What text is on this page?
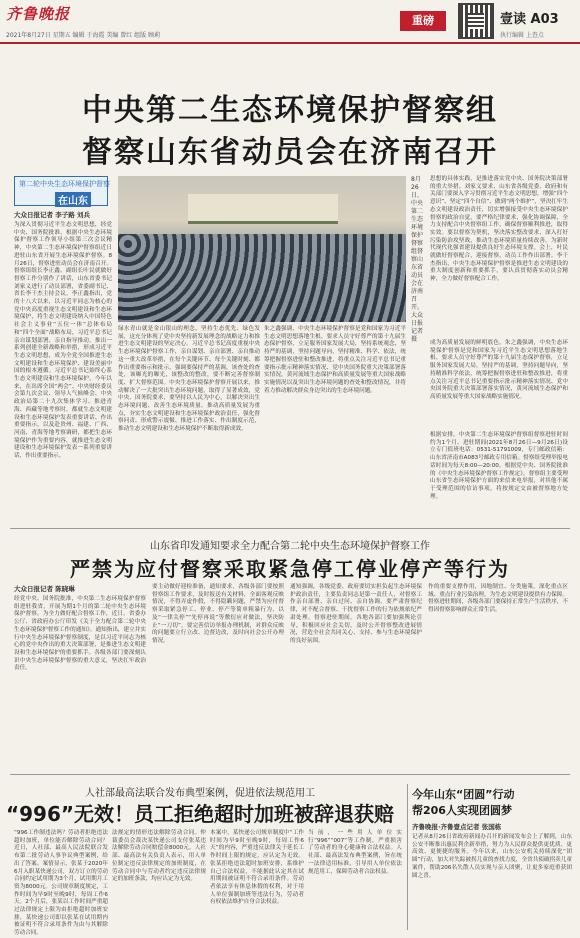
齐鲁晚报
2021年8月27日 星期五 编辑 于海霞 美编 曾红 组版 顾莉
重磅	壹读 A03
执行编辑 上查点
中央第二生态环境保护督察组
督察山东省动员会在济南召开
第二轮中央生态环境保护督察
在山东
大众日报记者 李子路 刘兵
8月26日，中央第二生态环境保护督察组督察山东省动员会在济南召开。大众日报记者 摄
为深入贯彻习近平生态文明思想，经党中央、国务院批准，根据中央生态环境保护督察工作领导小组第三次会议精神，中央第二生态环境保护督察组近日进驻山东省开展生态环境保护督察。8月26日，督察进驻动员会在济南召开。督察组组长李正鑫、副组长叶民就做好督察工作分别作了讲话，山东省委书记刘家义进行了动员部署，省委副书记、省长李干杰主持会议。李正鑫指出，党的十八大以来，以习近平同志为核心的党中央高度重视生态文明建设和生态环境保护，将生态文明建设纳入中国特色社会主义事业“五位一体”总体布局和“四个全面”战略布局，习近平总书记亲自谋划部署、亲自指导推动，推出一系列创建全新战略和举措，形成习近平生态文明思想，成为全党全国推进生态文明建设和生态环境保护、建设美丽中国的根本遵循。习近平总书记始终心系生态文明建设和生态环境保护，今年以来，在出席全国“两会”、中央财经委员会第九次会议、领导人气候峰会、中央政治局第二十九次集体学习、推进青海、西藏等地考察时，都就生态文明建设和生态环境保护发表重要讲话、作出重要指示，以及赴贵州、福建、广西、河南、青海等地考察调研，都把生态环境保护作为重要内容，就推进生态文明建设和生态环境保护发表一系列重要讲话，作出重要指示。
绿水青山就是金山银山的理念，坚持生态优先、绿色发展，这充分体现了党中央坚持新发展理念的战略定力和推进生态文明建设的坚定决心。习近平总书记高度重视中央生态环境保护督察工作，亲自谋划、亲自部署、亲自推动这一重大改革举措，在每个关键环节、每个关键时刻、都作出重要指示和批示，强调要保持严的基调，该查处的查处，该曝光的曝光，该整改的整改，要不断完善督察制度、扩大督察范围。中央生态环境保护督察开展以来，推动解决了一大批突出生态环境问题，取得了显著成效，党中央、国务院要求，要坚持以人民为中心，以解决突出生态环境问题、改善生态环境质量、推动高质量发展为重点，夯实生态文明建设和生态环境保护政治责任，强化督察问责、形成警示震慑、推进工作落实、作出制度示范，推动生态文明建设和生态环境保护不断取得新成效。
朱之鑫强调，中央生态环境保护督察是党和国家为习近平生态文明思想落地生根、要求人员守好尊严的第十九届生态保护督察，立足服务国家发展大局，坚持系统观念，坚持严的基调，坚持问题导向，坚持精准、科学、依法，统筹把握督察进驻和整改推进，将重点关注习近平总书记重要指示批示精神落实情况、党中央国务院重大决策部署落实情况，黄河流域生态保护和高质量发展等重大国家战略实施情况以及突出生态环境问题的查处和整改情况，并将着力推动解决群众身边突出的生态环境问题。
思想的具体实践，是推进落实党中央、国务院决策部署的重大举措。刘家义要求，山东省各级党委、政府和有关部门要深入学习贯彻习近平生态文明思想，增强“四个意识”、坚定“四个自信”、做到“两个维护”，坚决扛牢生态文明建设政治责任，切实增强接受中央生态环境保护督察的政治自觉，要严格纪律要求，强化协调保障，全力支持配合中央督察组工作，确保督察顺利推进，取得实效。要以督察为契机，坚决落实整改要求，深入打好污染防治攻坚战，推动生态环境质量持续改善，为新时代现代化强省建设提供良好生态环境支撑。会上，叶民就做好督察配合，迎接督察，动员工作作出部署。李干杰指出，中央生态环境保护督察是推进生态文明建设的重大制度创新和重要抓手，要认真贯彻落实动员会精神，全力做好督察配合工作。
成为高质量发展的鲜明底色。朱之鑫强调，中央生态环境保护督察是党和国家为习近平生态文明思想落地生根、要求人员守好尊严的第十九届生态保护督察，立足服务国家发展大局，坚持严的基调，坚持问题导向，坚持精准科学依法，统筹把握督察进驻和整改推进，将重点关注习近平总书记重要指示批示精神落实情况、党中央国务院重大决策部署落实情况，黄河流域生态保护和高质量发展等重大国家战略实施情况。
根据安排，中央第二生态环境保护督察组督察进驻时间约为1个月。进驻期间(2021年8月26日—9月26日)设立专门值班电话：0531-51791009，专门邮政信箱：山东省济南市A083号邮政专用信箱。督察组受理举报电话时间为每天8:00—20:00。根据党中央、国务院批准的《中央生态环境保护督察工作规定》，督察组主要受理山东省生态环境保护方面的来信来电举报，对其他不属于受理范围的信访事项，将按规定交由被督察地方处理。
山东省印发通知要求全力配合第二轮中央生态环境保护督察工作
严禁为应付督察采取紧急停工停业停产等行为
大众日报记者 陈晓琳
经党中央、国务院批准，中央第二生态环境保护督察组进驻我省，开展为期1个月的第二轮中央生态环境保护督察。为全力做好配合督察工作，近日，省委办公厅、省政府办公厅印发《关于全力配合第二轮中央生态环境保护督察工作的通知》。通知指出，建立并实行中央生态环境保护督察制度，是以习近平同志为核心的党中央作出的重大决策部署，是推进生态文明建设和生态环境保护的重要抓手。各级各部门要深刻认识中央生态环境保护督察的重大意义，坚决扛牢政治责任。
要主动做好迎检准备，通知要求，各级各部门要按照督察组工作要求，及时报送有关材料，全面客观反映情况，不得弄虚作假，不得隐瞒问题，严禁为应付督察采取紧急停工、停业、停产等简单粗暴行为，以及“一律关停”“先停再说”等敷衍应对做法，坚决防止“一刀切”。要完善信访举报办理机制，对群众反映的问题要立行立改、边督边改，及时向社会公开办理情况。
通知强调，各级党委、政府要切实担负起生态环境保护政治责任，主要负责同志是第一责任人，对督察工作亲自部署、亲自过问、亲自协调。要严肃督察纪律，对不配合督察、干扰督察工作的行为依规依纪严肃处理。督察进驻期间，各地各部门要加强舆论引导，积极回应社会关切，及时公开督察整改进展情况，营造全社会共同关心、支持、参与生态环境保护的良好氛围。
作的重要支撑作用，因地制宜、分类施策，深化重点区域、重点行业污染治理，为生态文明建设提供有力保障。督察进驻期间，各级各部门要保持正常生产生活秩序，不得因督察影响群众正常生活。
人社部最高法联合发布典型案例，促进依法规范用工
“996”无效！员工拒绝超时加班被辞退获赔
“996工作制违法吗？劳动者拒绝违法超时加班，单位能否解除劳动合同？近日，人社部、最高人民法院联合发布第二批劳动人事争议典型案例，给出了答案。案情显示，张某于2020年6月入职某快递公司，双方订立的劳动合同约定试用期为3个月，试用期月工资为8000元。公司规章制度规定，工作时间为早9时至晚9时，每周工作6天。2个月后，张某以工作时间严重超过法律规定上限为由拒绝超时加班安排，某快递公司即以张某在试用期内被证明不符合录用条件为由与其解除劳动合同。
法规定的情形违法解除劳动合同。仲裁委员会裁决某快递公司支付张某违法解除劳动合同赔偿金8000元。人社部、最高法有关负责人表示，用人单位制定违反法律规定的加班制度，在劳动合同中与劳动者约定违反法律规定的加班条款，均应认定为无效。
本案中，某快递公司规章制度中“工作时间为早9时至晚9时，每周工作6天”的内容，严重违反法律关于延长工作时间上限的规定，应认定为无效。张某拒绝违法超时加班安排，系维护自己合法权益，不能据此认定其在试用期间被证明不符合录用条件。劳动者依法享有休息休假的权利，对于用人单位强制加班等违法行为，劳动者有权依法维护自身合法权益。
当前，一些用人单位实行“996”“007”等工作制，严重损害了劳动者的身心健康和合法权益。人社部、最高法发布典型案例，旨在统一法律适用标准，引导用人单位依法规范用工，保障劳动者合法权益。
今年山东“团圆”行动
帮206人实现团圆梦
齐鲁晚报·齐鲁壹点记者 张国栋
记者从8月26日省政府新闻办召开的新闻发布会上了解到，山东公安不断推出惠民利企新举措，努力为人民群众提供更优质、更高效、更便捷的服务。今年以来，山东公安机关持续深化“团圆”行动，加大对失踪被拐儿童的查找力度，全省共侦破拐卖儿童案件，帮助206名失散人员实现与亲人团聚，让更多家庭重获团圆之喜。
